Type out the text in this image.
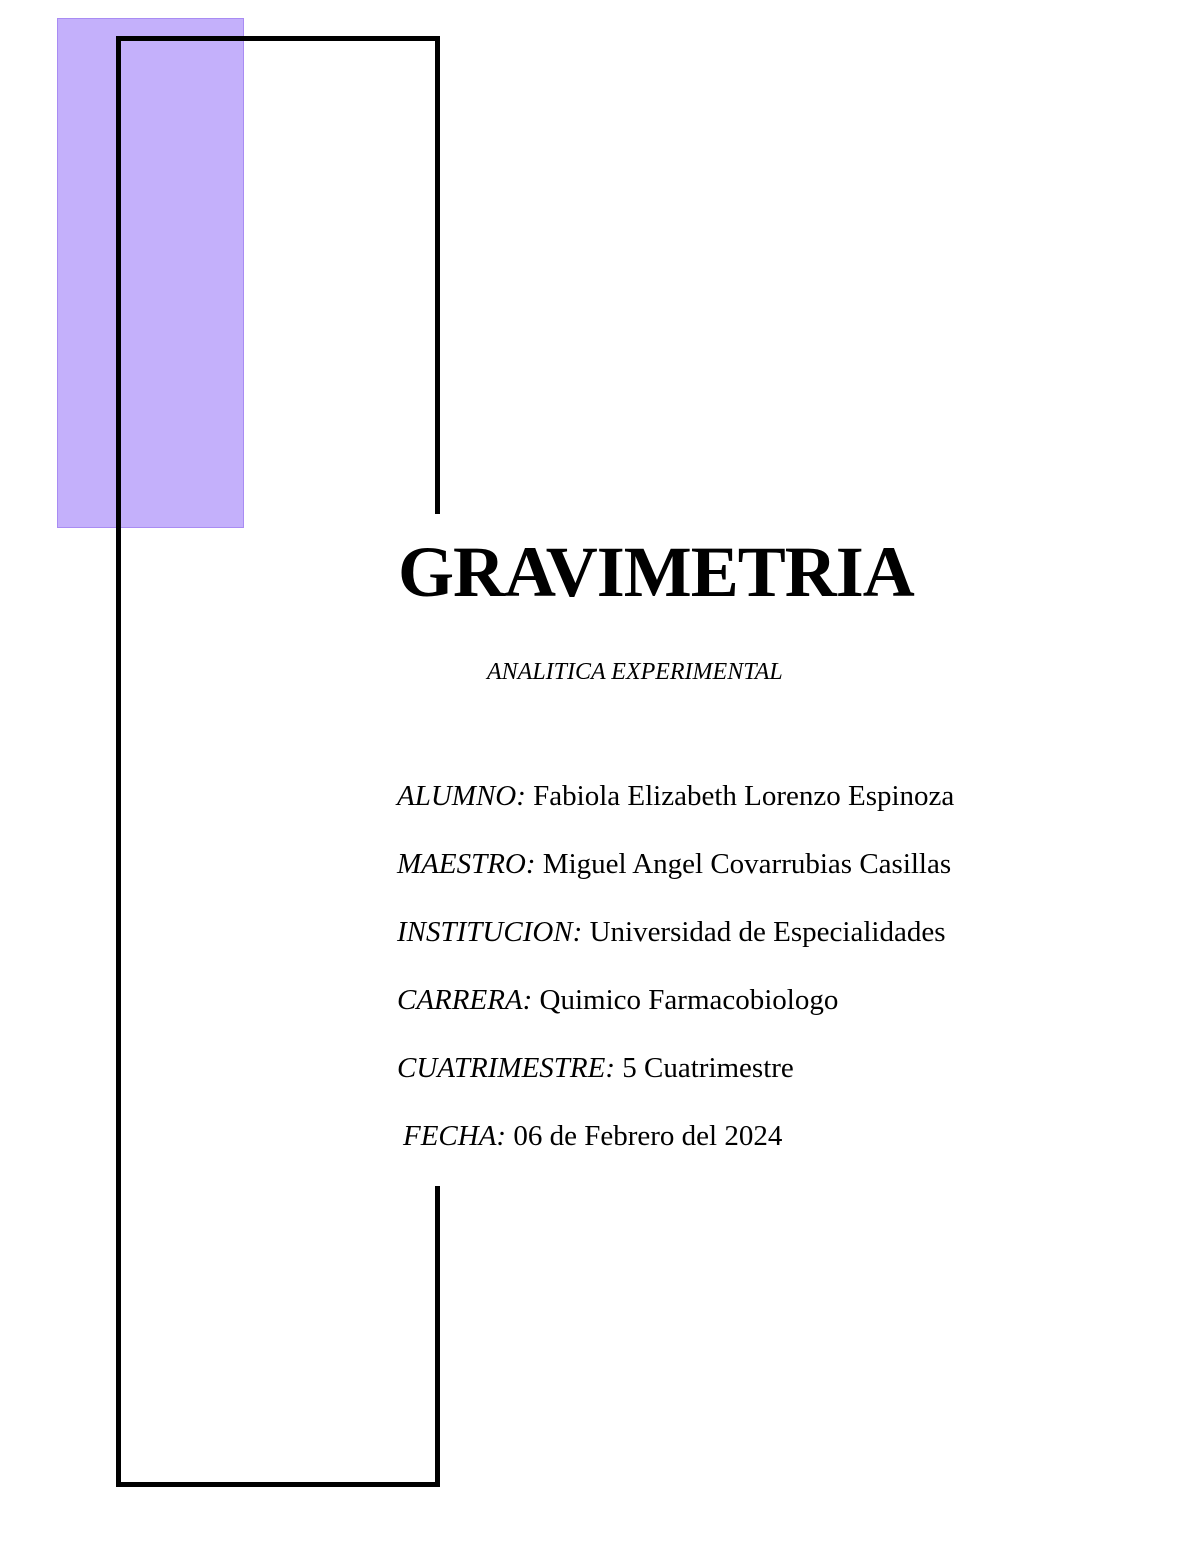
GRAVIMETRIA

ANALITICA EXPERIMENTAL

ALUMNO: Fabiola Elizabeth Lorenzo Espinoza
MAESTRO: Miguel Angel Covarrubias Casillas
INSTITUCION: Universidad de Especialidades
CARRERA: Quimico Farmacobiologo
CUATRIMESTRE: 5 Cuatrimestre
FECHA: 06 de Febrero del 2024
